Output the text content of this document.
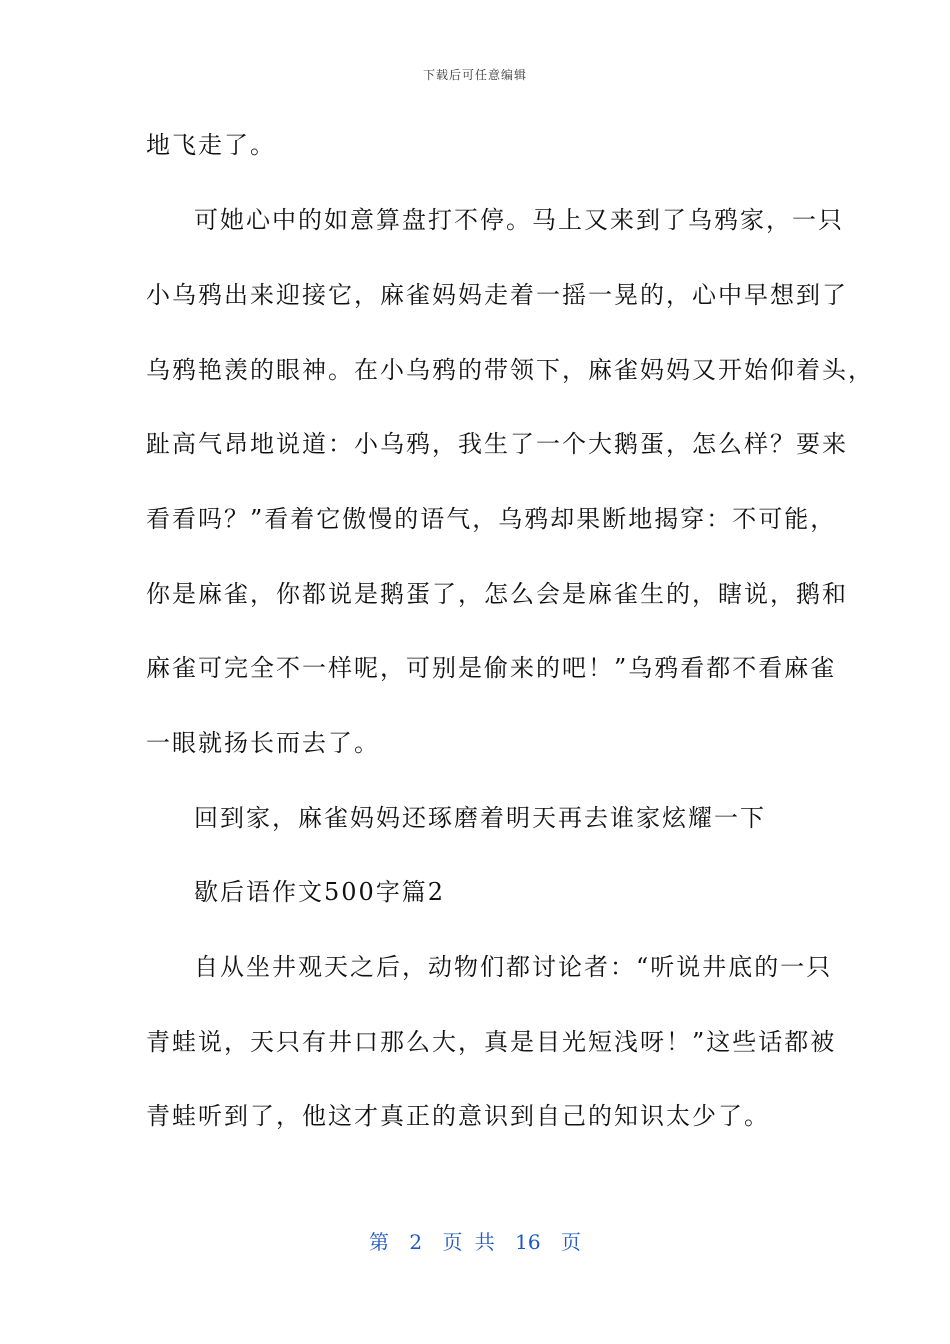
下载后可任意编辑
地飞走了。
可她心中的如意算盘打不停。马上又来到了乌鸦家，一只
小乌鸦出来迎接它，麻雀妈妈走着一摇一晃的，心中早想到了
乌鸦艳羡的眼神。在小乌鸦的带领下，麻雀妈妈又开始仰着头，
趾高气昂地说道：小乌鸦，我生了一个大鹅蛋，怎么样？要来
看看吗？”看着它傲慢的语气，乌鸦却果断地揭穿：不可能，
你是麻雀，你都说是鹅蛋了，怎么会是麻雀生的，瞎说，鹅和
麻雀可完全不一样呢，可别是偷来的吧！”乌鸦看都不看麻雀
一眼就扬长而去了。
回到家，麻雀妈妈还琢磨着明天再去谁家炫耀一下
歇后语作文500字篇2
自从坐井观天之后，动物们都讨论者：“听说井底的一只
青蛙说，天只有井口那么大，真是目光短浅呀！”这些话都被
青蛙听到了，他这才真正的意识到自己的知识太少了。
第 2 页 共 16 页
